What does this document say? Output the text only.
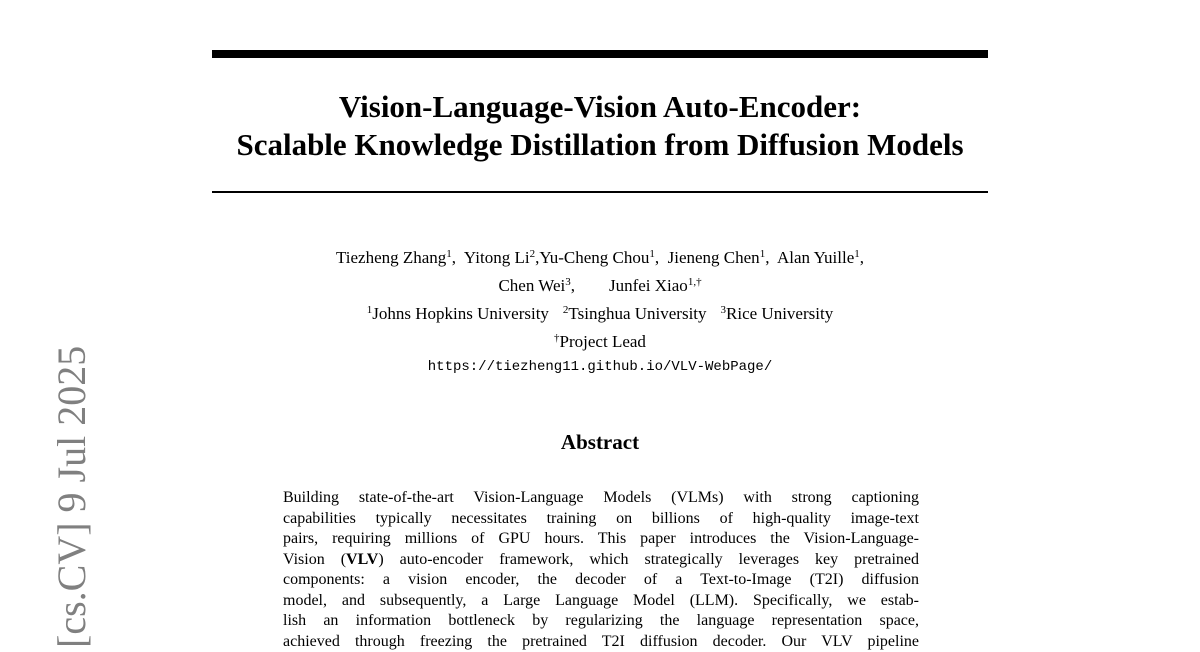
Vision-Language-Vision Auto-Encoder:
Scalable Knowledge Distillation from Diffusion Models
Tiezheng Zhang$^1$,  Yitong Li$^2$,Yu-Cheng Chou$^1$,  Jieneng Chen$^1$,  Alan Yuille$^1$,
Chen Wei$^3$, Junfei Xiao$^{1,\dagger}$
$^1$Johns Hopkins University $^2$Tsinghua University $^3$Rice University
†Project Lead
https://tiezheng11.github.io/VLV-WebPage/
Abstract
Building state-of-the-art Vision-Language Models (VLMs) with strong captioning
capabilities typically necessitates training on billions of high-quality image-text
pairs, requiring millions of GPU hours. This paper introduces the Vision-Language-
Vision (VLV) auto-encoder framework, which strategically leverages key pretrained
components: a vision encoder, the decoder of a Text-to-Image (T2I) diffusion
model, and subsequently, a Large Language Model (LLM). Specifically, we estab-
lish an information bottleneck by regularizing the language representation space,
achieved through freezing the pretrained T2I diffusion decoder. Our VLV pipeline
[cs.CV] 9 Jul 2025
